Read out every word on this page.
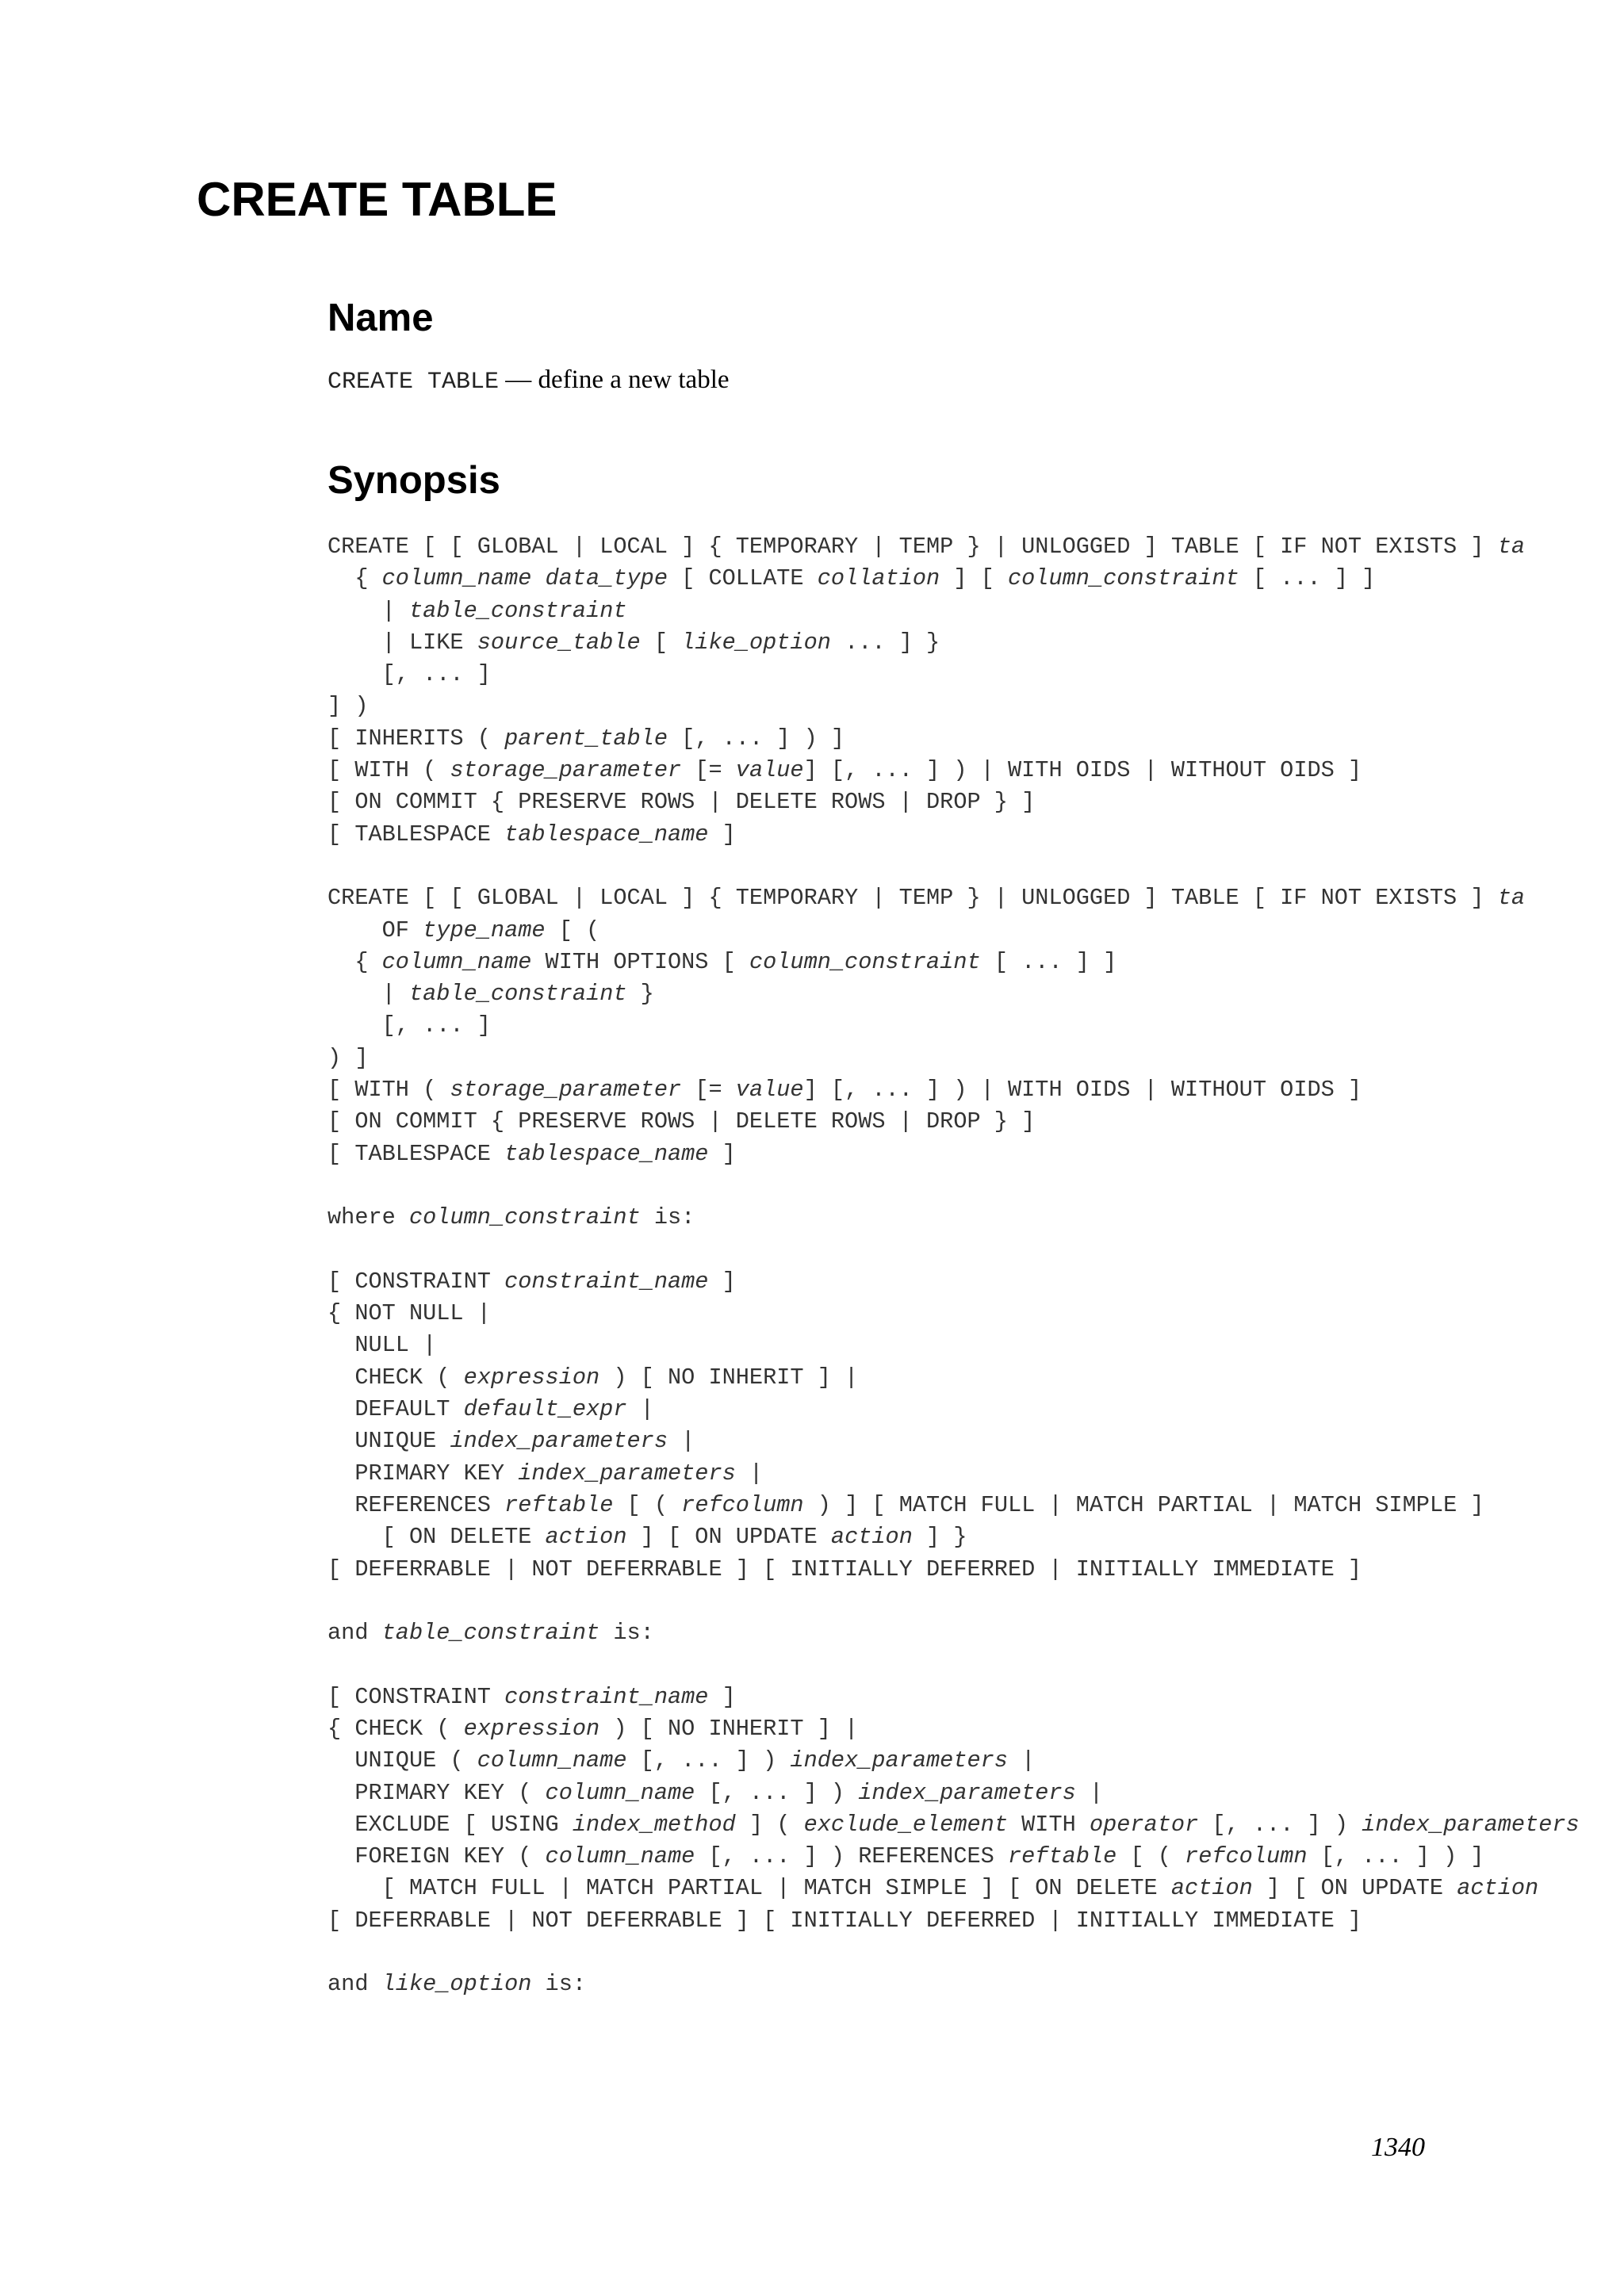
CREATE TABLE
Name

CREATE TABLE — define a new table

Synopsis
CREATE [ [ GLOBAL | LOCAL ] { TEMPORARY | TEMP } | UNLOGGED ] TABLE [ IF NOT EXISTS ] ta
{ column_name data_type [ COLLATE collation ] [ column_constraint [ ... ] ]
| table_constraint
| LIKE source_table [ like_option ... ] }
[, ... ]
] )
[ INHERITS ( parent_table [, ... ] ) ]
[ WITH ( storage_parameter [= value] [, ... ] ) | WITH OIDS | WITHOUT OIDS ]
[ ON COMMIT { PRESERVE ROWS | DELETE ROWS | DROP } ]
[ TABLESPACE tablespace_name ]

CREATE [ [ GLOBAL | LOCAL ] { TEMPORARY | TEMP } | UNLOGGED ] TABLE [ IF NOT EXISTS ] ta
OF type_name [ (
{ column_name WITH OPTIONS [ column_constraint [ ... ] ]
| table_constraint }
[, ... ]
) ]
[ WITH ( storage_parameter [= value] [, ... ] ) | WITH OIDS | WITHOUT OIDS ]
[ ON COMMIT { PRESERVE ROWS | DELETE ROWS | DROP } ]
[ TABLESPACE tablespace_name ]

where column_constraint is:

[ CONSTRAINT constraint_name ]
{ NOT NULL |
NULL |
CHECK ( expression ) [ NO INHERIT ] |
DEFAULT default_expr |
UNIQUE index_parameters |
PRIMARY KEY index_parameters |
REFERENCES reftable [ ( refcolumn ) ] [ MATCH FULL | MATCH PARTIAL | MATCH SIMPLE ]
[ ON DELETE action ] [ ON UPDATE action ] }
[ DEFERRABLE | NOT DEFERRABLE ] [ INITIALLY DEFERRED | INITIALLY IMMEDIATE ]

and table_constraint is:

[ CONSTRAINT constraint_name ]
{ CHECK ( expression ) [ NO INHERIT ] |
UNIQUE ( column_name [, ... ] ) index_parameters |
PRIMARY KEY ( column_name [, ... ] ) index_parameters |
EXCLUDE [ USING index_method ] ( exclude_element WITH operator [, ... ] ) index_parameters
FOREIGN KEY ( column_name [, ... ] ) REFERENCES reftable [ ( refcolumn [, ... ] ) ]
[ MATCH FULL | MATCH PARTIAL | MATCH SIMPLE ] [ ON DELETE action ] [ ON UPDATE action
[ DEFERRABLE | NOT DEFERRABLE ] [ INITIALLY DEFERRED | INITIALLY IMMEDIATE ]

and like_option is:

1340
